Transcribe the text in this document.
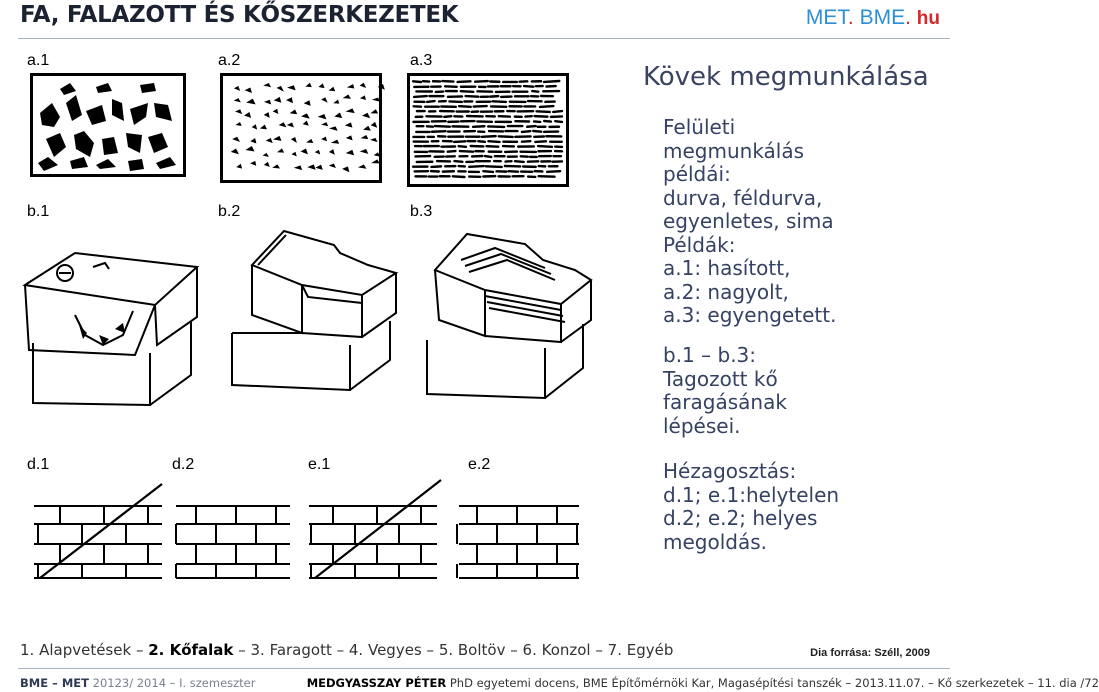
FA, FALAZOTT ÉS KŐSZERKEZETEK	MET. BME. hu
a.1	a.2	a.3
b.1	b.2	b.3
d.1	d.2	e.1	e.2
Kövek megmunkálása
Felületi
megmunkálás
példái:
durva, féldurva,
egyenletes, sima
Példák:
a.1: hasított,
a.2: nagyolt,
a.3: egyengetett.
b.1 – b.3:
Tagozott kő
faragásának
lépései.
Hézagosztás:
d.1; e.1:helytelen
d.2; e.2; helyes
megoldás.
1. Alapvetések – 2. Kőfalak – 3. Faragott – 4. Vegyes – 5. Boltöv – 6. Konzol – 7. Egyéb	Dia forrása: Széll, 2009
BME – MET 20123/ 2014 – I. szemeszter	MEDGYASSZAY PÉTER PhD egyetemi docens, BME Építőmérnöki Kar, Magasépítési tanszék – 2013.11.07. – Kő szerkezetek – 11. dia /72
